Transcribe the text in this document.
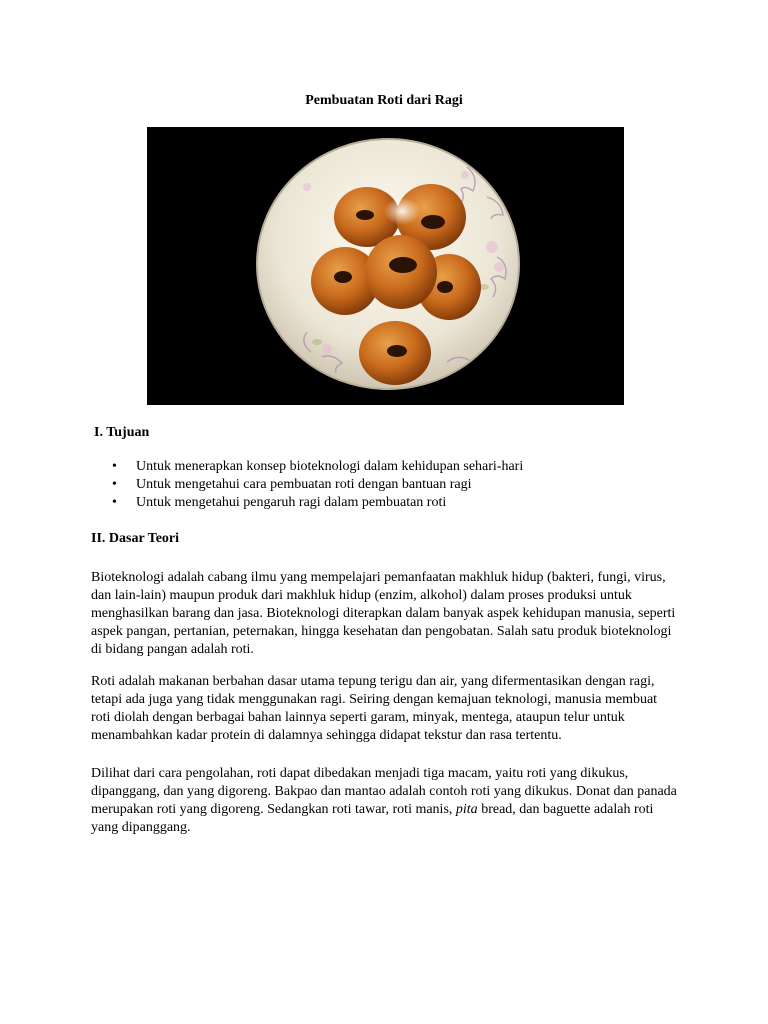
Pembuatan Roti dari Ragi
I. Tujuan
• Untuk menerapkan konsep bioteknologi dalam kehidupan sehari-hari
• Untuk mengetahui cara pembuatan roti dengan bantuan ragi
• Untuk mengetahui pengaruh ragi dalam pembuatan roti
II. Dasar Teori

Bioteknologi adalah cabang ilmu yang mempelajari pemanfaatan makhluk hidup (bakteri, fungi, virus, dan lain-lain) maupun produk dari makhluk hidup (enzim, alkohol) dalam proses produksi untuk menghasilkan barang dan jasa. Bioteknologi diterapkan dalam banyak aspek kehidupan manusia, seperti aspek pangan, pertanian, peternakan, hingga kesehatan dan pengobatan. Salah satu produk bioteknologi di bidang pangan adalah roti.

Roti adalah makanan berbahan dasar utama tepung terigu dan air, yang difermentasikan dengan ragi, tetapi ada juga yang tidak menggunakan ragi. Seiring dengan kemajuan teknologi, manusia membuat roti diolah dengan berbagai bahan lainnya seperti garam, minyak, mentega, ataupun telur untuk menambahkan kadar protein di dalamnya sehingga didapat tekstur dan rasa tertentu.

Dilihat dari cara pengolahan, roti dapat dibedakan menjadi tiga macam, yaitu roti yang dikukus, dipanggang, dan yang digoreng. Bakpao dan mantao adalah contoh roti yang dikukus. Donat dan panada merupakan roti yang digoreng. Sedangkan roti tawar, roti manis, pita bread, dan baguette adalah roti yang dipanggang.
